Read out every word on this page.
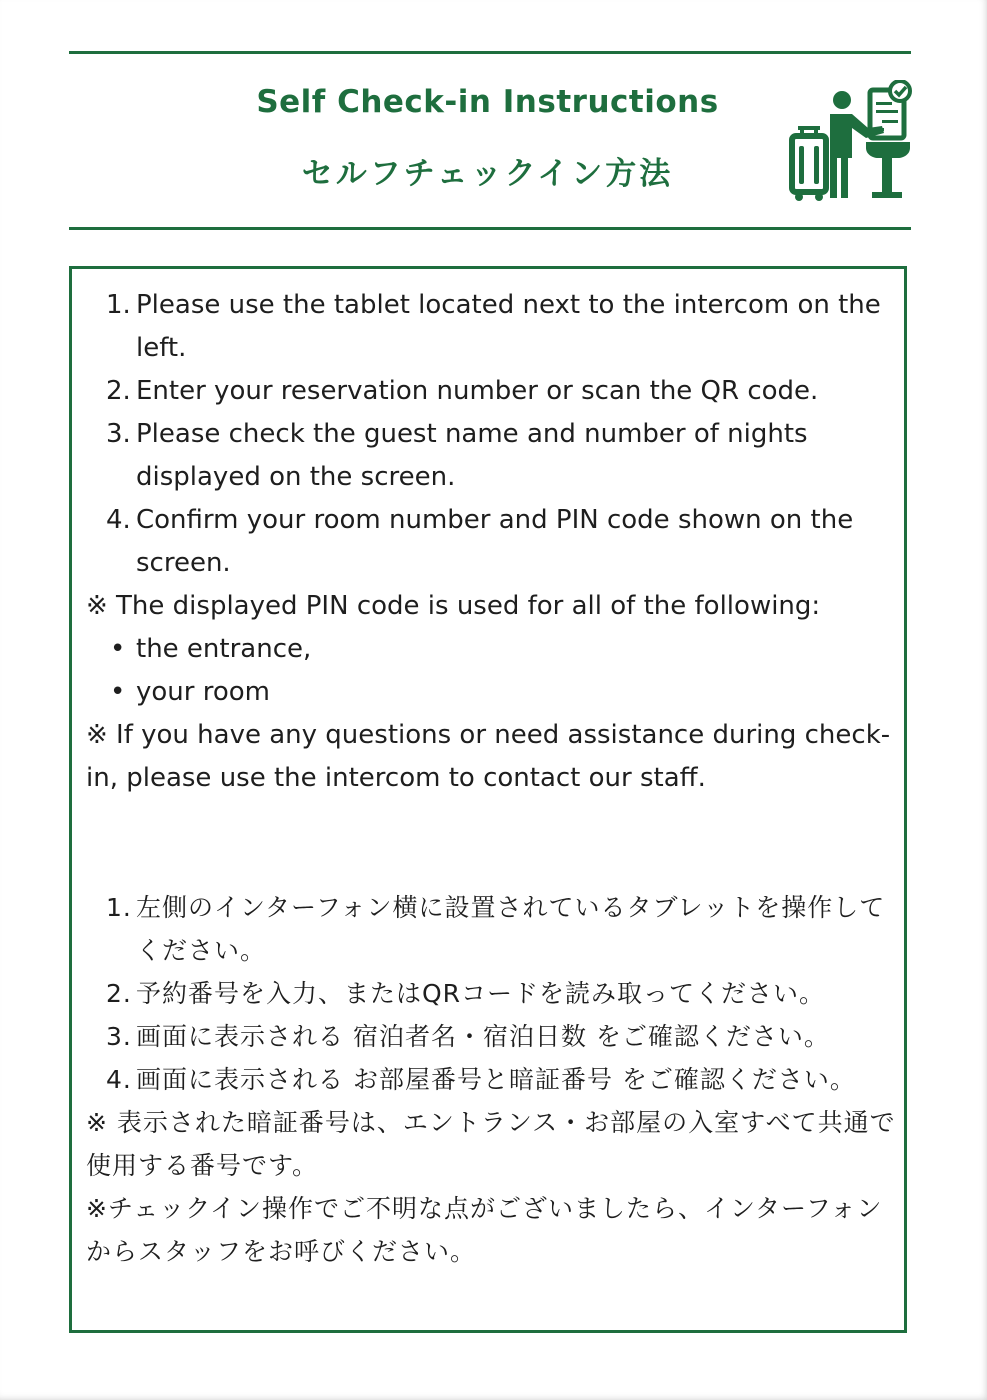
Self Check-in Instructions
セルフチェックイン方法
1. Please use the tablet located next to the intercom on the left.
2. Enter your reservation number or scan the QR code.
3. Please check the guest name and number of nights displayed on the screen.
4. Confirm your room number and PIN code shown on the screen.
※ The displayed PIN code is used for all of the following:
• the entrance,
• your room
※ If you have any questions or need assistance during check-in, please use the intercom to contact our staff.
1. 左側のインターフォン横に設置されているタブレットを操作してください。
2. 予約番号を入力、またはQRコードを読み取ってください。
3. 画面に表示される 宿泊者名・宿泊日数 をご確認ください。
4. 画面に表示される お部屋番号と暗証番号 をご確認ください。
※ 表示された暗証番号は、エントランス・お部屋の入室すべて共通で使用する番号です。
※チェックイン操作でご不明な点がございましたら、インターフォンからスタッフをお呼びください。
